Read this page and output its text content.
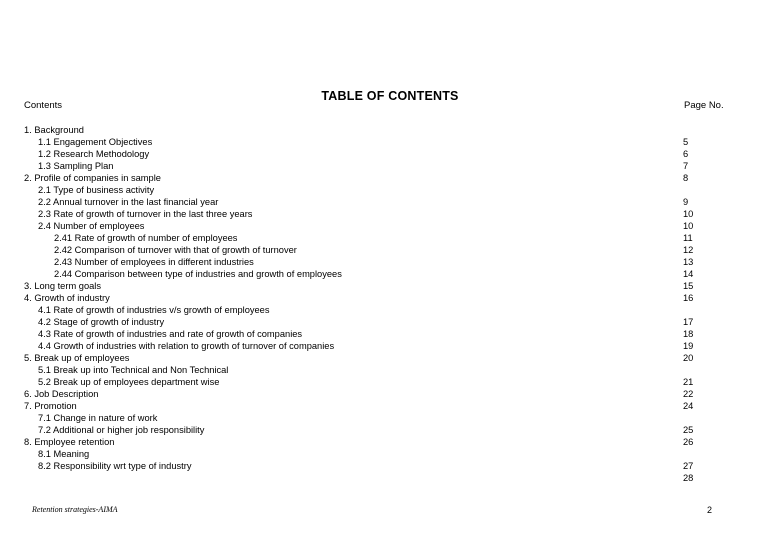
TABLE OF CONTENTS
Contents	Page No.
1. Background
1.1 Engagement Objectives
1.2 Research Methodology
1.3 Sampling Plan
2. Profile of companies in sample
2.1 Type of business activity
2.2 Annual turnover in the last financial year
2.3 Rate of growth of turnover in the last three years
2.4 Number of employees
2.41 Rate of growth of number of employees
2.42 Comparison of turnover with that of growth of turnover
2.43 Number of employees in different industries
2.44 Comparison between type of industries and growth of employees
3. Long term goals
4. Growth of industry
4.1 Rate of growth of industries v/s growth of employees
4.2 Stage of growth of industry
4.3 Rate of growth of industries and rate of growth of companies
4.4 Growth of industries with relation to growth of turnover of companies
5. Break up of employees
5.1 Break up into Technical and Non Technical
5.2 Break up of employees department wise
6. Job Description
7. Promotion
7.1 Change in nature of work
7.2 Additional or higher job responsibility
8. Employee retention
8.1 Meaning
8.2 Responsibility wrt type of industry
5
6
7
8
9
10
10
11
12
13
14
15
16
17
18
19
20
21
22
24
25
26
27
28
Retention strategies-AIMA	2
